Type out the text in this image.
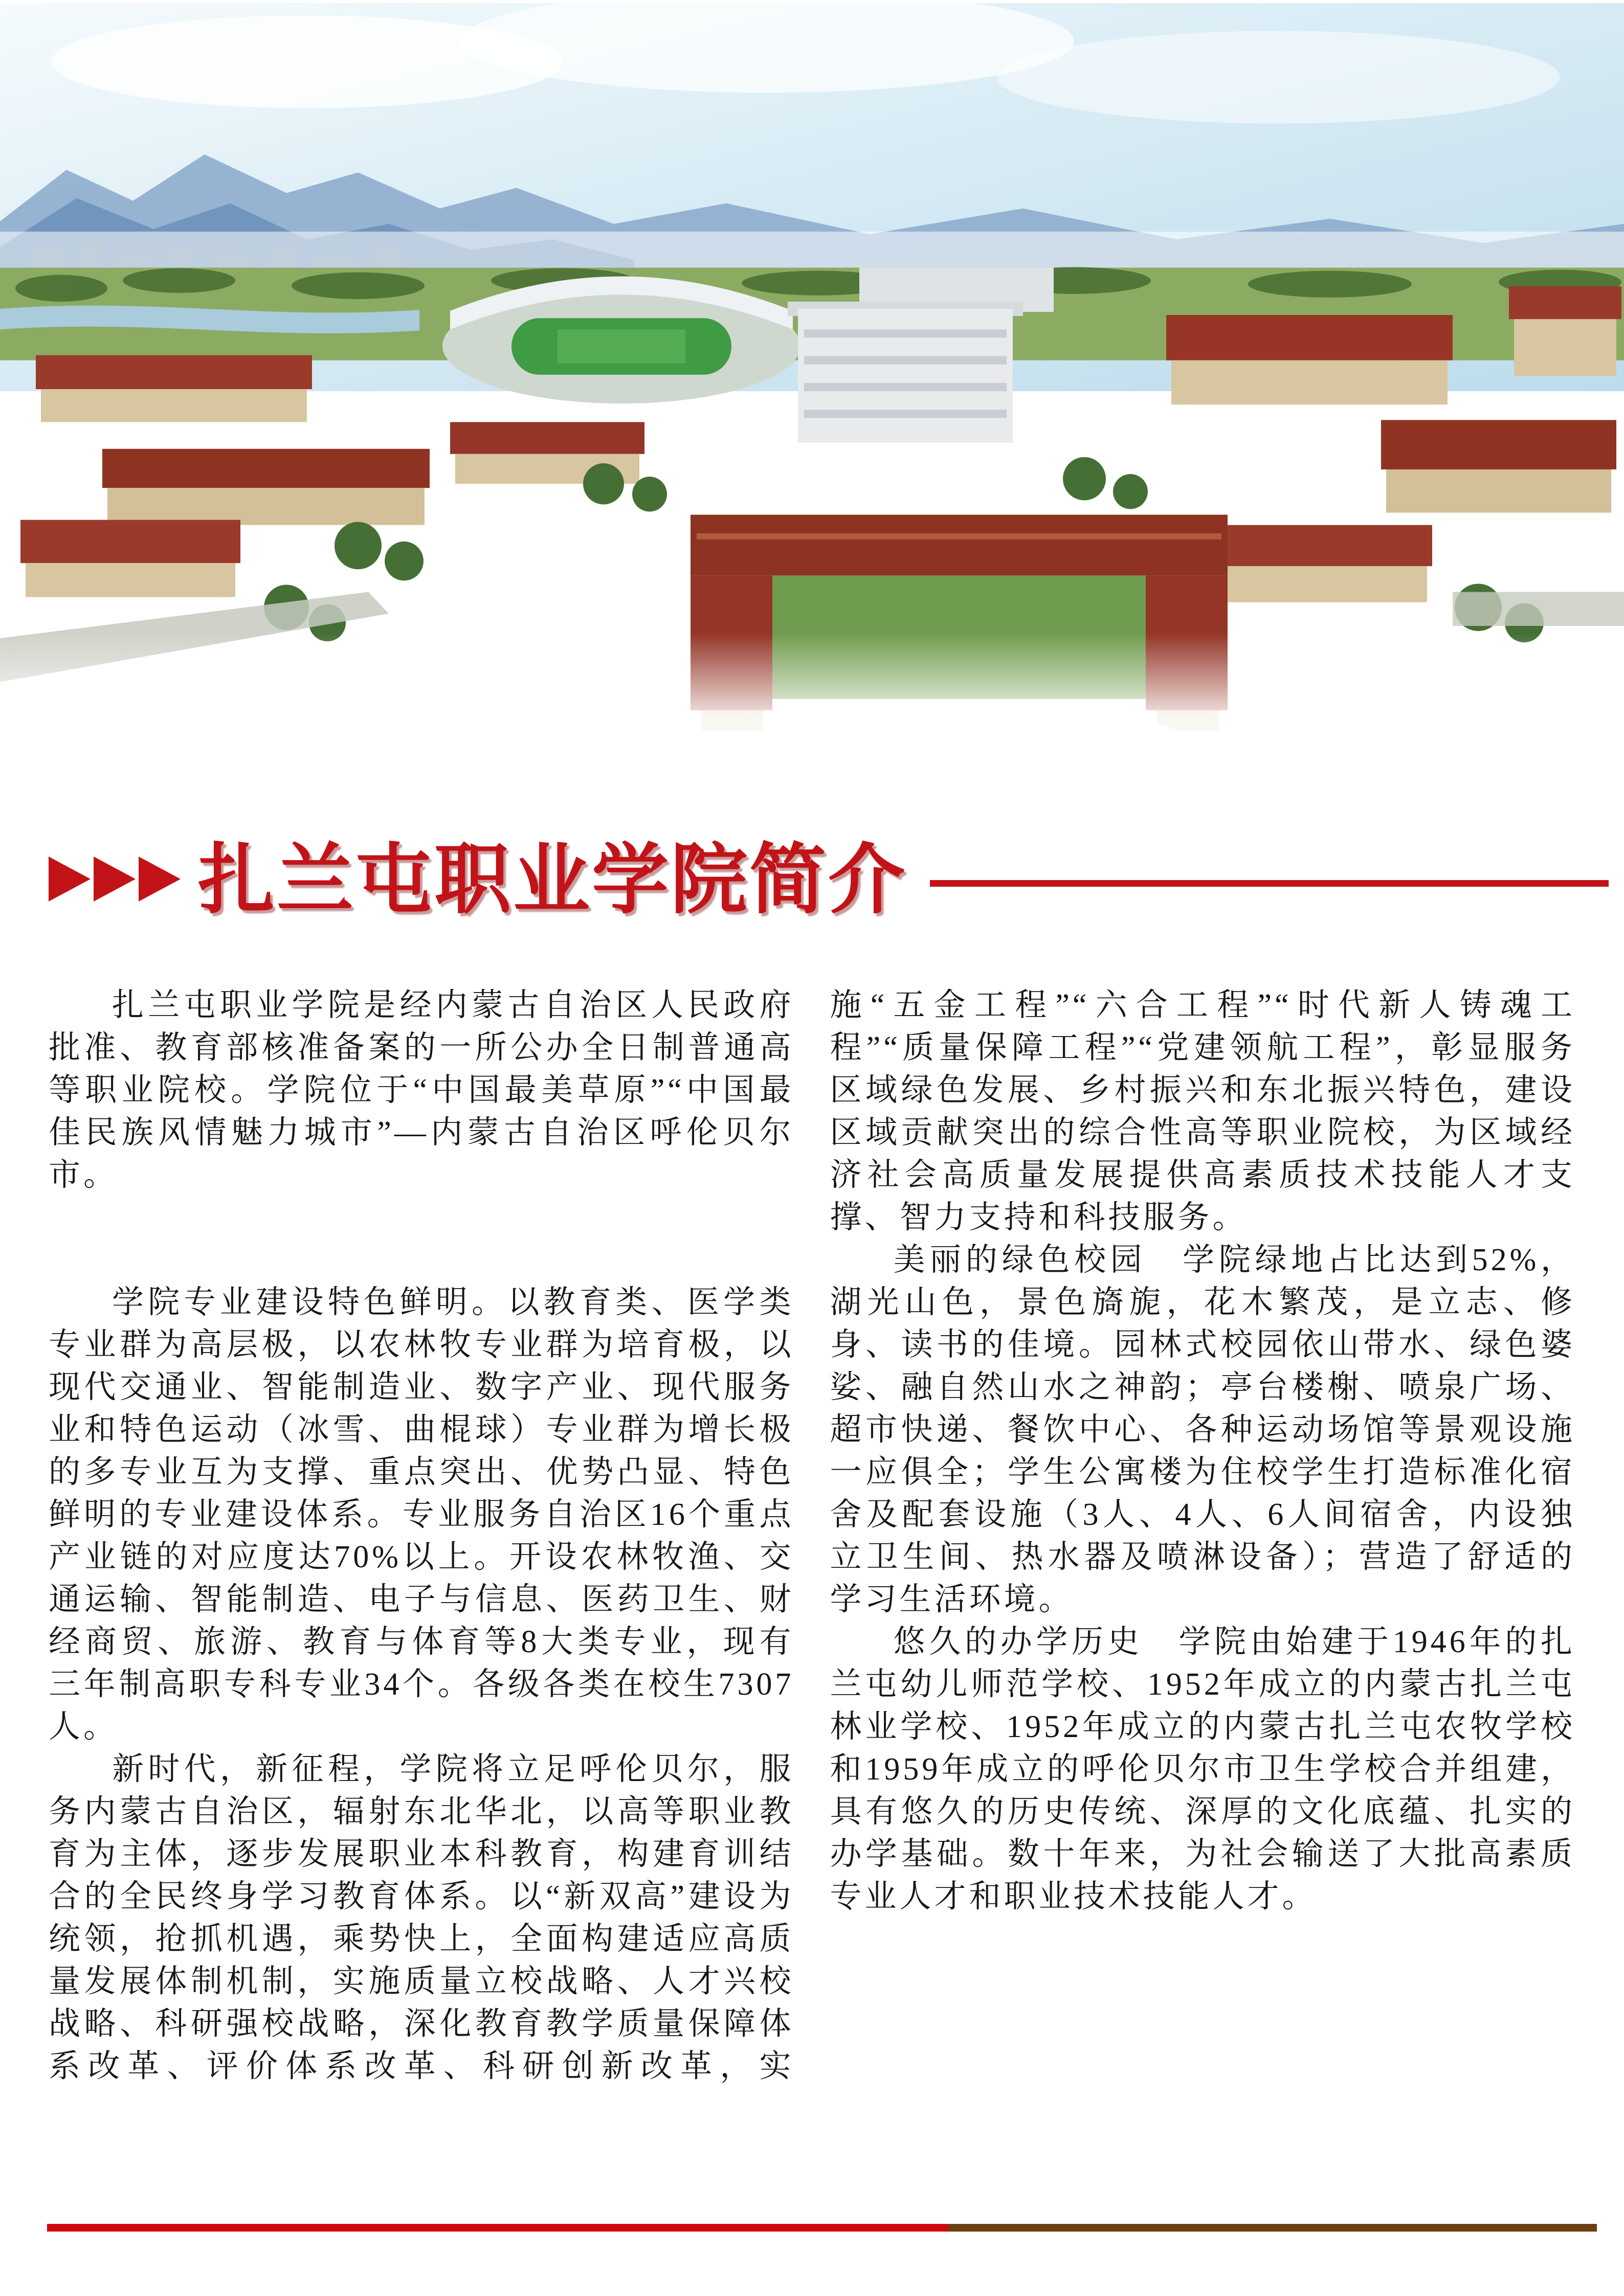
扎兰屯职业学院简介

扎兰屯职业学院是经内蒙古自治区人民政府批准、教育部核准备案的一所公办全日制普通高等职业院校。学院位于“中国最美草原”“中国最佳民族风情魅力城市”—内蒙古自治区呼伦贝尔市。

学院专业建设特色鲜明。以教育类、医学类专业群为高层极，以农林牧专业群为培育极，以现代交通业、智能制造业、数字产业、现代服务业和特色运动（冰雪、曲棍球）专业群为增长极的多专业互为支撑、重点突出、优势凸显、特色鲜明的专业建设体系。专业服务自治区16个重点产业链的对应度达70%以上。开设农林牧渔、交通运输、智能制造、电子与信息、医药卫生、财经商贸、旅游、教育与体育等8大类专业，现有三年制高职专科专业34个。各级各类在校生7307人。

新时代，新征程，学院将立足呼伦贝尔，服务内蒙古自治区，辐射东北华北，以高等职业教育为主体，逐步发展职业本科教育，构建育训结合的全民终身学习教育体系。以“新双高”建设为统领，抢抓机遇，乘势快上，全面构建适应高质量发展体制机制，实施质量立校战略、人才兴校战略、科研强校战略，深化教育教学质量保障体系改革、评价体系改革、科研创新改革，实施“五金工程”“六合工程”“时代新人铸魂工程”“质量保障工程”“党建领航工程”，彰显服务区域绿色发展、乡村振兴和东北振兴特色，建设区域贡献突出的综合性高等职业院校，为区域经济社会高质量发展提供高素质技术技能人才支撑、智力支持和科技服务。

美丽的绿色校园　学院绿地占比达到52%，湖光山色，景色旖旎，花木繁茂，是立志、修身、读书的佳境。园林式校园依山带水、绿色婆娑、融自然山水之神韵；亭台楼榭、喷泉广场、超市快递、餐饮中心、各种运动场馆等景观设施一应俱全；学生公寓楼为住校学生打造标准化宿舍及配套设施（3人、4人、6人间宿舍，内设独立卫生间、热水器及喷淋设备）；营造了舒适的学习生活环境。

悠久的办学历史　学院由始建于1946年的扎兰屯幼儿师范学校、1952年成立的内蒙古扎兰屯林业学校、1952年成立的内蒙古扎兰屯农牧学校和1959年成立的呼伦贝尔市卫生学校合并组建，具有悠久的历史传统、深厚的文化底蕴、扎实的办学基础。数十年来，为社会输送了大批高素质专业人才和职业技术技能人才。
